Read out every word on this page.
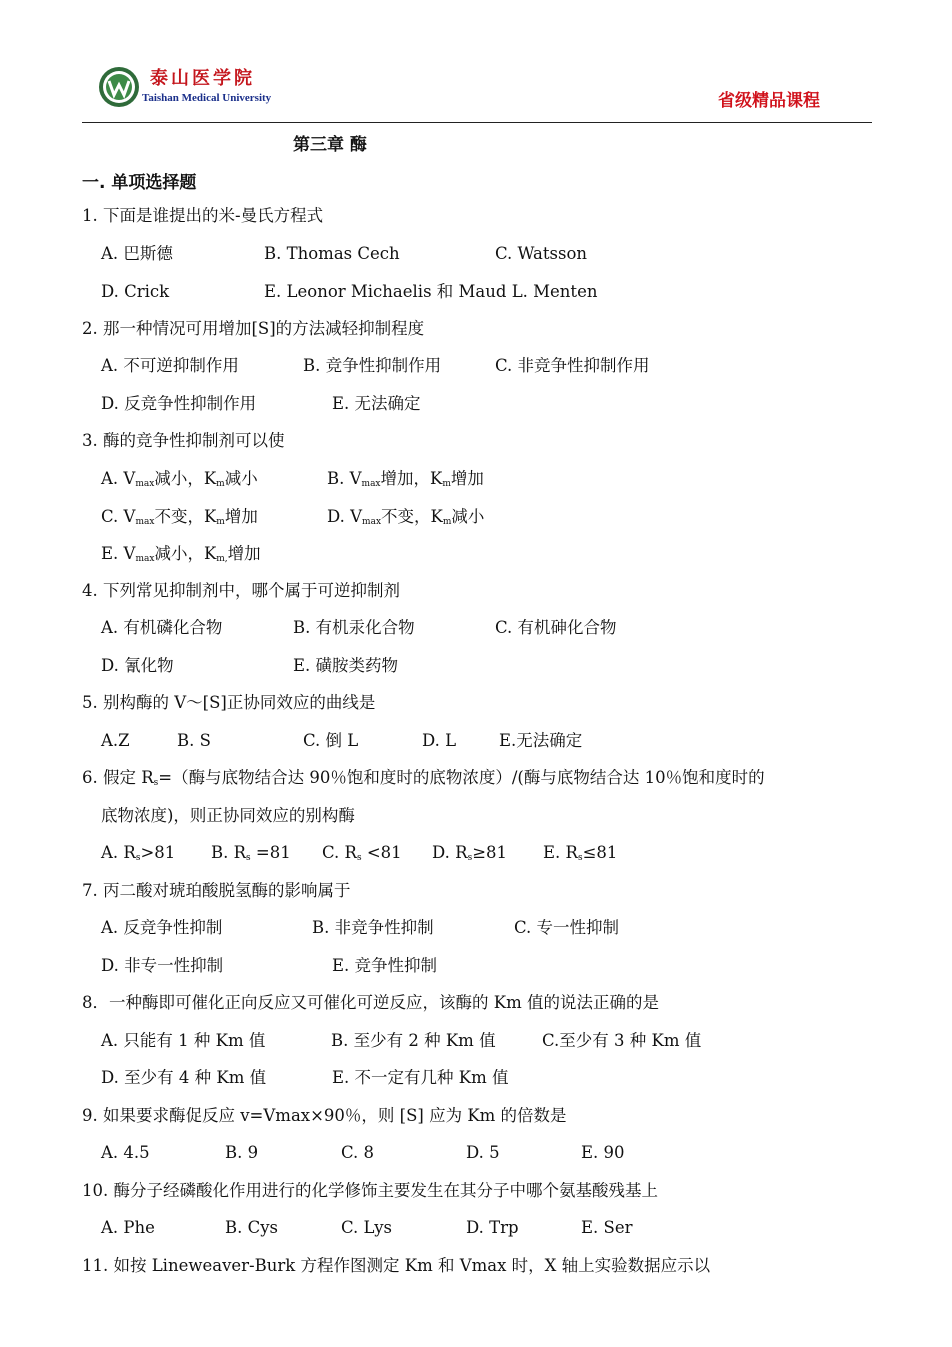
泰山医学院
Taishan Medical University	省级精品课程
第三章 酶
一. 单项选择题
1. 下面是谁提出的米-曼氏方程式
A. 巴斯德	B. Thomas Cech	C. Watsson
D. Crick	E. Leonor Michaelis 和 Maud L. Menten
2. 那一种情况可用增加[S]的方法减轻抑制程度
A. 不可逆抑制作用	B. 竞争性抑制作用	C. 非竞争性抑制作用
D. 反竞争性抑制作用	E. 无法确定
3. 酶的竞争性抑制剂可以使
A. $V_{max}$减小，$K_m$减小	B. $V_{max}$增加，$K_m$增加
C. $V_{max}$不变，$K_m$增加	D. $V_{max}$不变，$K_m$减小
E. $V_{max}$减小，$K_{m,}$增加
4. 下列常见抑制剂中，哪个属于可逆抑制剂
A. 有机磷化合物	B. 有机汞化合物	C. 有机砷化合物
D. 氰化物	E. 磺胺类药物
5. 别构酶的 V～[S]正协同效应的曲线是
A.Z	B. S	C. 倒 L	D. L	E.无法确定
6. 假定 $R_s=$（酶与底物结合达 90％饱和度时的底物浓度）/(酶与底物结合达 10％饱和度时的
底物浓度)，则正协同效应的别构酶
A. $R_s>81$ B. $R_s =81$ C. $R_s <81$ D. $R_s\ge 81$ E. $R_s\le 81$
7. 丙二酸对琥珀酸脱氢酶的影响属于
A. 反竞争性抑制	B. 非竞争性抑制	C. 专一性抑制
D. 非专一性抑制	E. 竞争性抑制
8．一种酶即可催化正向反应又可催化可逆反应，该酶的 Km 值的说法正确的是
A. 只能有 1 种 Km 值	B. 至少有 2 种 Km 值	C.至少有 3 种 Km 值
D. 至少有 4 种 Km 值	E. 不一定有几种 Km 值
9. 如果要求酶促反应 v=Vmax×90％，则 [S] 应为 Km 的倍数是
A. 4.5	B. 9	C. 8	D. 5	E. 90
10. 酶分子经磷酸化作用进行的化学修饰主要发生在其分子中哪个氨基酸残基上
A. Phe	B. Cys	C. Lys	D. Trp	E. Ser
11. 如按 Lineweaver-Burk 方程作图测定 Km 和 Vmax 时，X 轴上实验数据应示以
